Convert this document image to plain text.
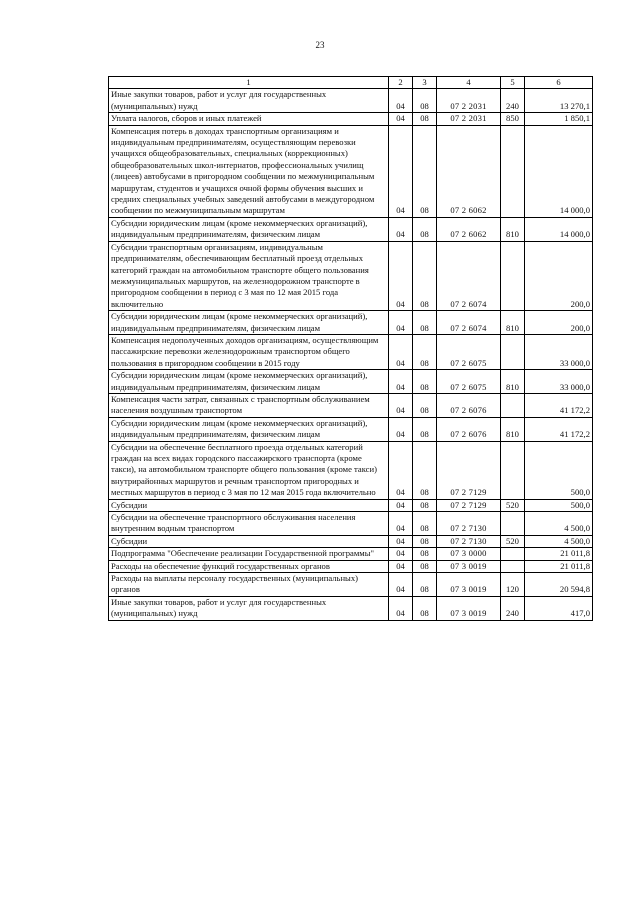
23
1	2	3	4	5	6
Иные закупки товаров, работ и услуг для государственных (муниципальных) нужд	04	08	07 2 2031	240	13 270,1
Уплата налогов, сборов и иных платежей	04	08	07 2 2031	850	1 850,1
Компенсация потерь в доходах транспортным организациям и индивидуальным предпринимателям, осуществляющим перевозки учащихся общеобразовательных, специальных (коррекционных) общеобразовательных школ-интернатов, профессиональных училищ (лицеев) автобусами в пригородном сообщении по межмуниципальным маршрутам, студентов и учащихся очной формы обучения высших и средних специальных учебных заведений автобусами в междугородном сообщении по межмуниципальным маршрутам	04	08	07 2 6062		14 000,0
Субсидии юридическим лицам (кроме некоммерческих организаций), индивидуальным предпринимателям, физическим лицам	04	08	07 2 6062	810	14 000,0
Субсидии транспортным организациям, индивидуальным предпринимателям, обеспечивающим бесплатный проезд отдельных категорий граждан на автомобильном транспорте общего пользования межмуниципальных маршрутов, на железнодорожном транспорте в пригородном сообщении в период с 3 мая по 12 мая 2015 года включительно	04	08	07 2 6074		200,0
Субсидии юридическим лицам (кроме некоммерческих организаций), индивидуальным предпринимателям, физическим лицам	04	08	07 2 6074	810	200,0
Компенсация недополученных доходов организациям, осуществляющим пассажирские перевозки железнодорожным транспортом общего пользования в пригородном сообщении в 2015 году	04	08	07 2 6075		33 000,0
Субсидии юридическим лицам (кроме некоммерческих организаций), индивидуальным предпринимателям, физическим лицам	04	08	07 2 6075	810	33 000,0
Компенсация части затрат, связанных с транспортным обслуживанием населения воздушным транспортом	04	08	07 2 6076		41 172,2
Субсидии юридическим лицам (кроме некоммерческих организаций), индивидуальным предпринимателям, физическим лицам	04	08	07 2 6076	810	41 172,2
Субсидии на обеспечение бесплатного проезда отдельных категорий граждан на всех видах городского пассажирского транспорта (кроме такси), на автомобильном транспорте общего пользования (кроме такси) внутрирайонных маршрутов и речным транспортом пригородных и местных маршрутов в период с 3 мая по 12 мая 2015 года включительно	04	08	07 2 7129		500,0
Субсидии	04	08	07 2 7129	520	500,0
Субсидии на обеспечение транспортного обслуживания населения внутренним водным транспортом	04	08	07 2 7130		4 500,0
Субсидии	04	08	07 2 7130	520	4 500,0
Подпрограмма "Обеспечение реализации Государственной программы"	04	08	07 3 0000		21 011,8
Расходы на обеспечение функций государственных органов	04	08	07 3 0019		21 011,8
Расходы на выплаты персоналу государственных (муниципальных) органов	04	08	07 3 0019	120	20 594,8
Иные закупки товаров, работ и услуг для государственных (муниципальных) нужд	04	08	07 3 0019	240	417,0
